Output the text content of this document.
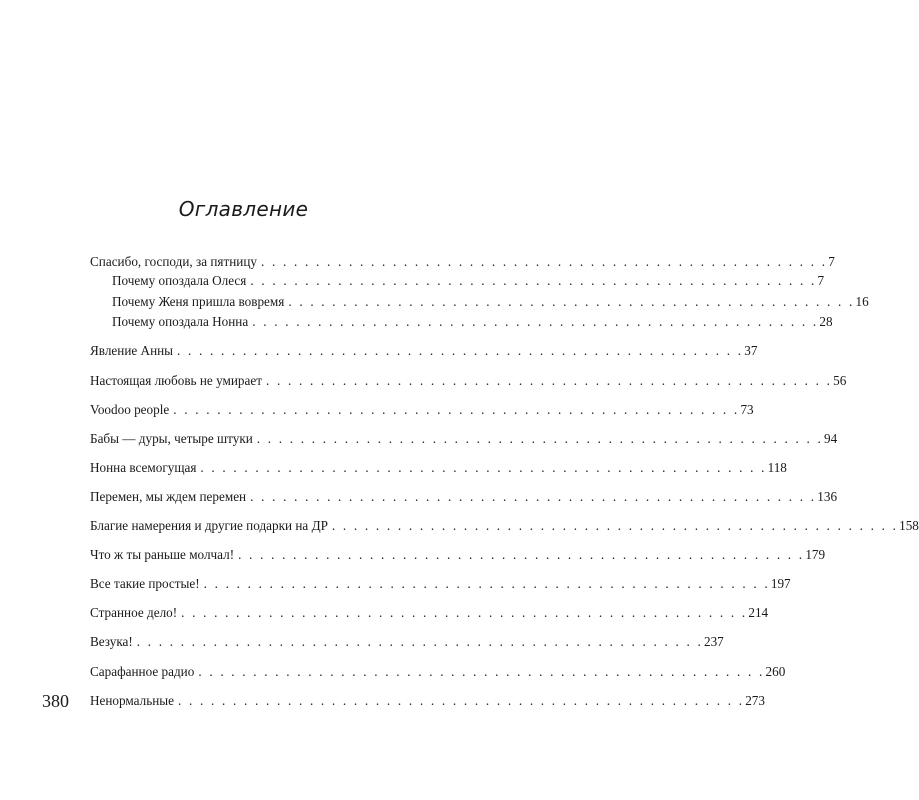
Оглавление
Спасибо, господи, за пятницу . . . . . . . . . . . . . . . . . . . . . . . . . . . . . . . . . . . . . . . . . . . . . . . . . . . . 7
Почему опоздала Олеся . . . . . . . . . . . . . . . . . . . . . . . . . . . . . . . . . . . . . . . . . . . . . . . . . . . . 7
Почему Женя пришла вовремя . . . . . . . . . . . . . . . . . . . . . . . . . . . . . . . . . . . . . . . . . . . . . . . . . . . . 16
Почему опоздала Нонна . . . . . . . . . . . . . . . . . . . . . . . . . . . . . . . . . . . . . . . . . . . . . . . . . . . . 28
Явление Анны . . . . . . . . . . . . . . . . . . . . . . . . . . . . . . . . . . . . . . . . . . . . . . . . . . . . 37
Настоящая любовь не умирает . . . . . . . . . . . . . . . . . . . . . . . . . . . . . . . . . . . . . . . . . . . . . . . . . . . . 56
Voodoo people . . . . . . . . . . . . . . . . . . . . . . . . . . . . . . . . . . . . . . . . . . . . . . . . . . . . 73
Бабы — дуры, четыре штуки . . . . . . . . . . . . . . . . . . . . . . . . . . . . . . . . . . . . . . . . . . . . . . . . . . . . 94
Нонна всемогущая . . . . . . . . . . . . . . . . . . . . . . . . . . . . . . . . . . . . . . . . . . . . . . . . . . . . 118
Перемен, мы ждем перемен . . . . . . . . . . . . . . . . . . . . . . . . . . . . . . . . . . . . . . . . . . . . . . . . . . . . 136
Благие намерения и другие подарки на ДР . . . . . . . . . . . . . . . . . . . . . . . . . . . . . . . . . . . . . . . . . . . . . . . . . . . . 158
Что ж ты раньше молчал! . . . . . . . . . . . . . . . . . . . . . . . . . . . . . . . . . . . . . . . . . . . . . . . . . . . . 179
Все такие простые! . . . . . . . . . . . . . . . . . . . . . . . . . . . . . . . . . . . . . . . . . . . . . . . . . . . . 197
Странное дело! . . . . . . . . . . . . . . . . . . . . . . . . . . . . . . . . . . . . . . . . . . . . . . . . . . . . 214
Везука! . . . . . . . . . . . . . . . . . . . . . . . . . . . . . . . . . . . . . . . . . . . . . . . . . . . . 237
Сарафанное радио . . . . . . . . . . . . . . . . . . . . . . . . . . . . . . . . . . . . . . . . . . . . . . . . . . . . 260
Ненормальные . . . . . . . . . . . . . . . . . . . . . . . . . . . . . . . . . . . . . . . . . . . . . . . . . . . . 273
380
